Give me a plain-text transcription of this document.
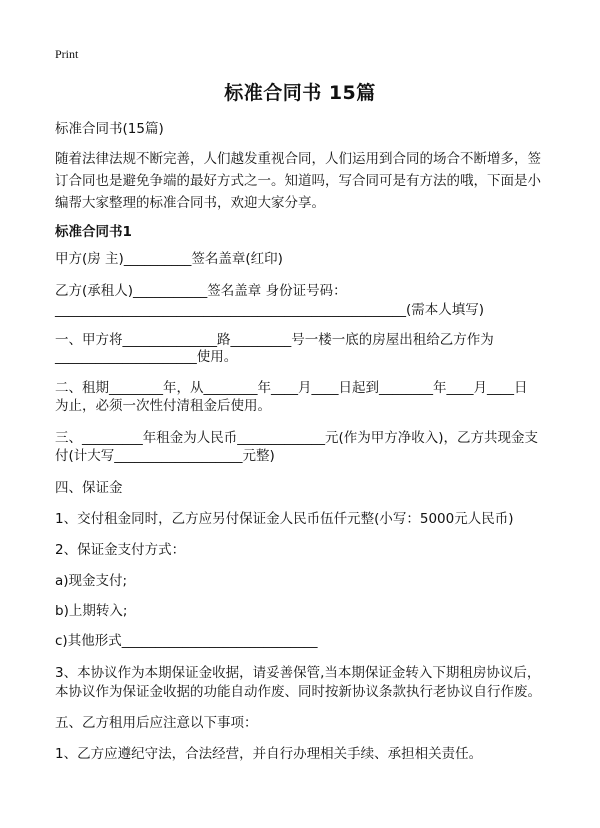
Print
标准合同书 15篇
标准合同书(15篇)
随着法律法规不断完善，人们越发重视合同，人们运用到合同的场合不断增多，签
订合同也是避免争端的最好方式之一。知道吗，写合同可是有方法的哦，下面是小
编帮大家整理的标准合同书，欢迎大家分享。
标准合同书1
甲方(房 主)__________签名盖章(红印)
乙方(承租人)___________签名盖章 身份证号码：
____________________________________________________(需本人填写)
一、甲方将______________路_________号一楼一底的房屋出租给乙方作为
_____________________使用。
二、租期________年，从________年____月____日起到________年____月____日
为止，必须一次性付清租金后使用。
三、_________年租金为人民币_____________元(作为甲方净收入)，乙方共现金支
付(计大写___________________元整)
四、保证金
1、交付租金同时，乙方应另付保证金人民币伍仟元整(小写：5000元人民币)
2、保证金支付方式：
a)现金支付;
b)上期转入;
c)其他形式_____________________________
3、本协议作为本期保证金收据，请妥善保管,当本期保证金转入下期租房协议后，
本协议作为保证金收据的功能自动作废、同时按新协议条款执行老协议自行作废。
五、乙方租用后应注意以下事项：
1、乙方应遵纪守法，合法经营，并自行办理相关手续、承担相关责任。
